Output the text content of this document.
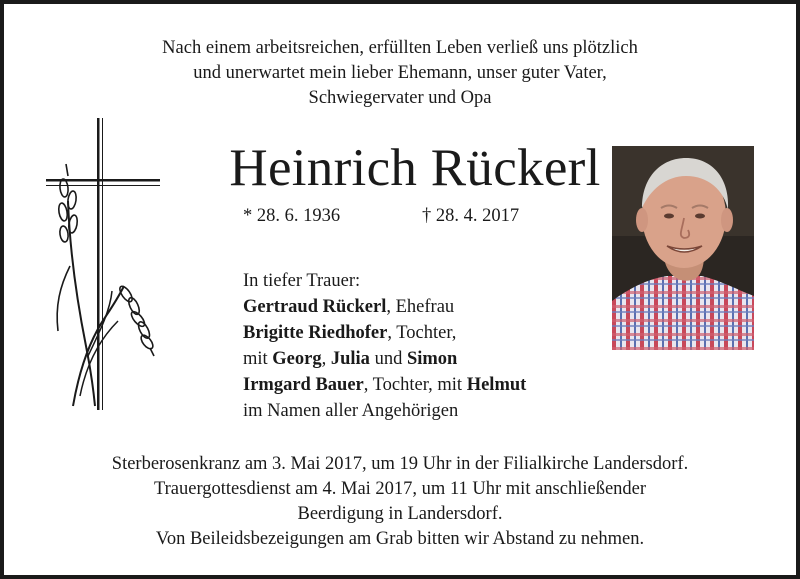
Nach einem arbeitsreichen, erfüllten Leben verließ uns plötzlich
und unerwartet mein lieber Ehemann, unser guter Vater,
Schwiegervater und Opa
Heinrich Rückerl
* 28. 6. 1936	† 28. 4. 2017
In tiefer Trauer:
Gertraud Rückerl, Ehefrau
Brigitte Riedhofer, Tochter,
mit Georg, Julia und Simon
Irmgard Bauer, Tochter, mit Helmut
im Namen aller Angehörigen
Sterberosenkranz am 3. Mai 2017, um 19 Uhr in der Filialkirche Landersdorf.
Trauergottesdienst am 4. Mai 2017, um 11 Uhr mit anschließender
Beerdigung in Landersdorf.
Von Beileidsbezeigungen am Grab bitten wir Abstand zu nehmen.
